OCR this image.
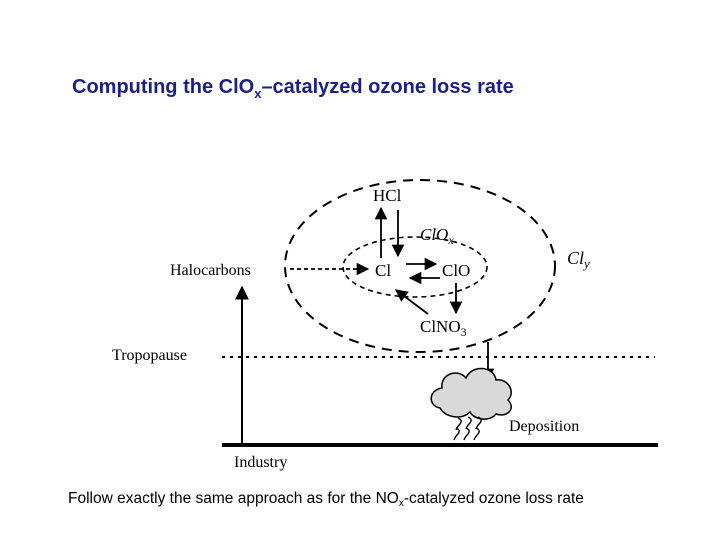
Computing the ClO$_x$–catalyzed ozone loss rate
Halocarbons
HCl
ClO$_x$
Cl	ClO
ClNO$_3$
$Cl_y$
Tropopause
Deposition
Industry
Follow exactly the same approach as for the $NO_x$-catalyzed ozone loss rate
